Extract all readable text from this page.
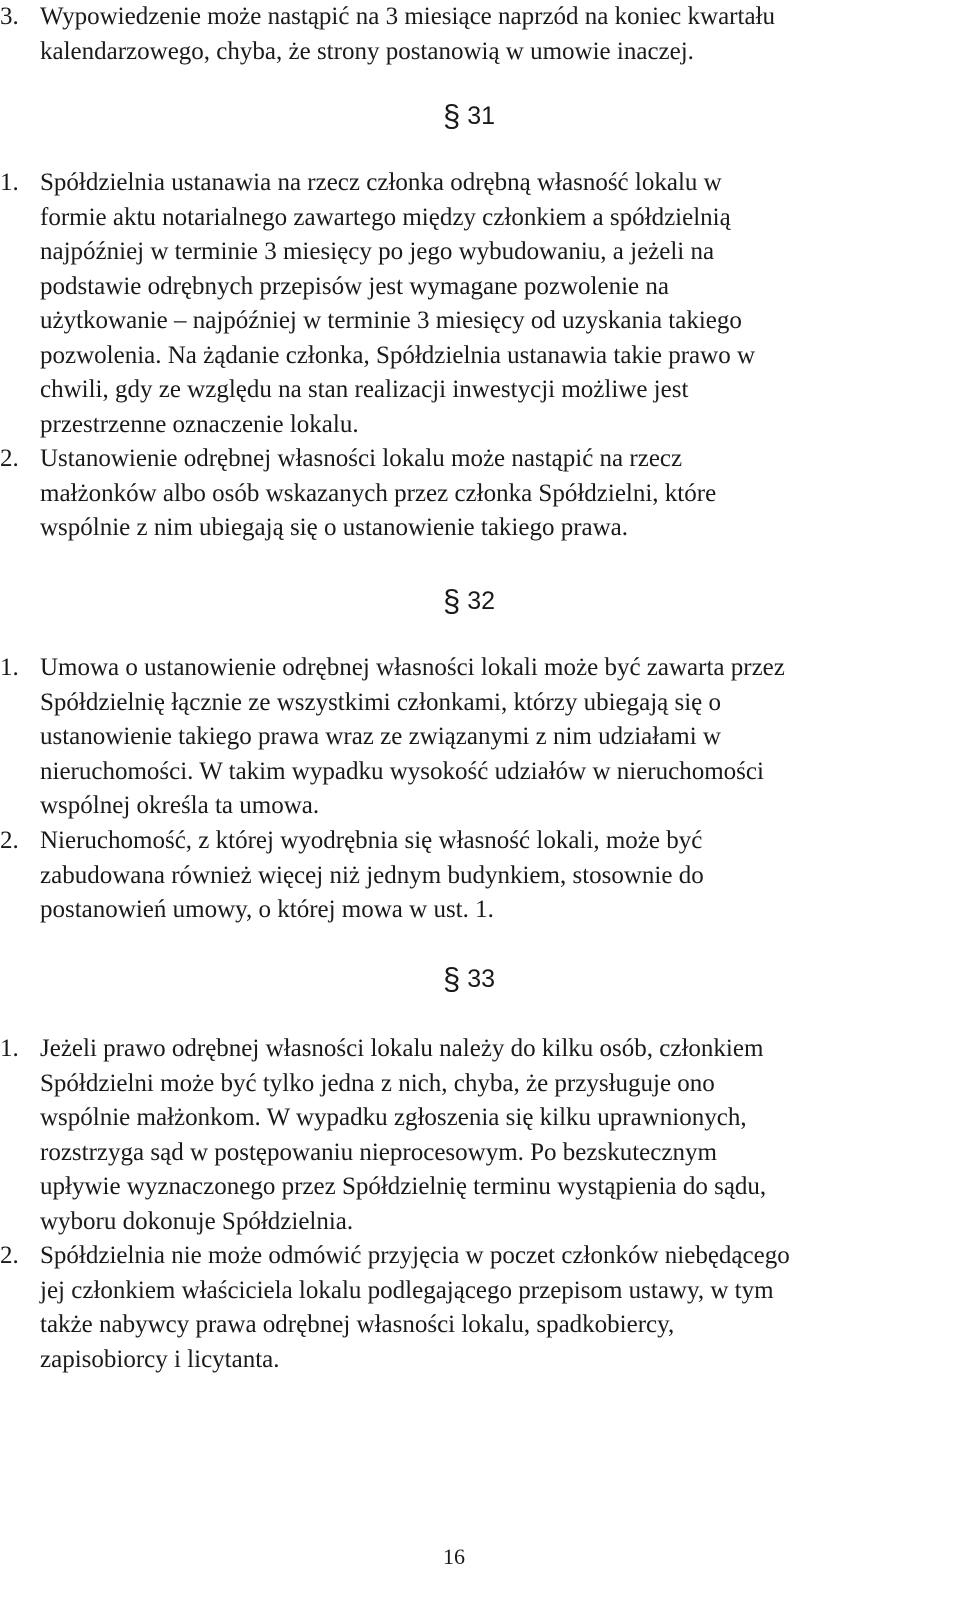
3. Wypowiedzenie może nastąpić na 3 miesiące naprzód na koniec kwartału
kalendarzowego, chyba, że strony postanowią w umowie inaczej.
§ 31
1. Spółdzielnia ustanawia na rzecz członka odrębną własność lokalu w
formie aktu notarialnego zawartego między członkiem a spółdzielnią
najpóźniej w terminie 3 miesięcy po jego wybudowaniu, a jeżeli na
podstawie odrębnych przepisów jest wymagane pozwolenie na
użytkowanie – najpóźniej w terminie 3 miesięcy od uzyskania takiego
pozwolenia. Na żądanie członka, Spółdzielnia ustanawia takie prawo w
chwili, gdy ze względu na stan realizacji inwestycji możliwe jest
przestrzenne oznaczenie lokalu.
2. Ustanowienie odrębnej własności lokalu może nastąpić na rzecz
małżonków albo osób wskazanych przez członka Spółdzielni, które
wspólnie z nim ubiegają się o ustanowienie takiego prawa.
§ 32
1. Umowa o ustanowienie odrębnej własności lokali może być zawarta przez
Spółdzielnię łącznie ze wszystkimi członkami, którzy ubiegają się o
ustanowienie takiego prawa wraz ze związanymi z nim udziałami w
nieruchomości. W takim wypadku wysokość udziałów w nieruchomości
wspólnej określa ta umowa.
2. Nieruchomość, z której wyodrębnia się własność lokali, może być
zabudowana również więcej niż jednym budynkiem, stosownie do
postanowień umowy, o której mowa w ust. 1.
§ 33
1. Jeżeli prawo odrębnej własności lokalu należy do kilku osób, członkiem
Spółdzielni może być tylko jedna z nich, chyba, że przysługuje ono
wspólnie małżonkom. W wypadku zgłoszenia się kilku uprawnionych,
rozstrzyga sąd w postępowaniu nieprocesowym. Po bezskutecznym
upływie wyznaczonego przez Spółdzielnię terminu wystąpienia do sądu,
wyboru dokonuje Spółdzielnia.
2. Spółdzielnia nie może odmówić przyjęcia w poczet członków niebędącego
jej członkiem właściciela lokalu podlegającego przepisom ustawy, w tym
także nabywcy prawa odrębnej własności lokalu, spadkobiercy,
zapisobiorcy i licytanta.
16
